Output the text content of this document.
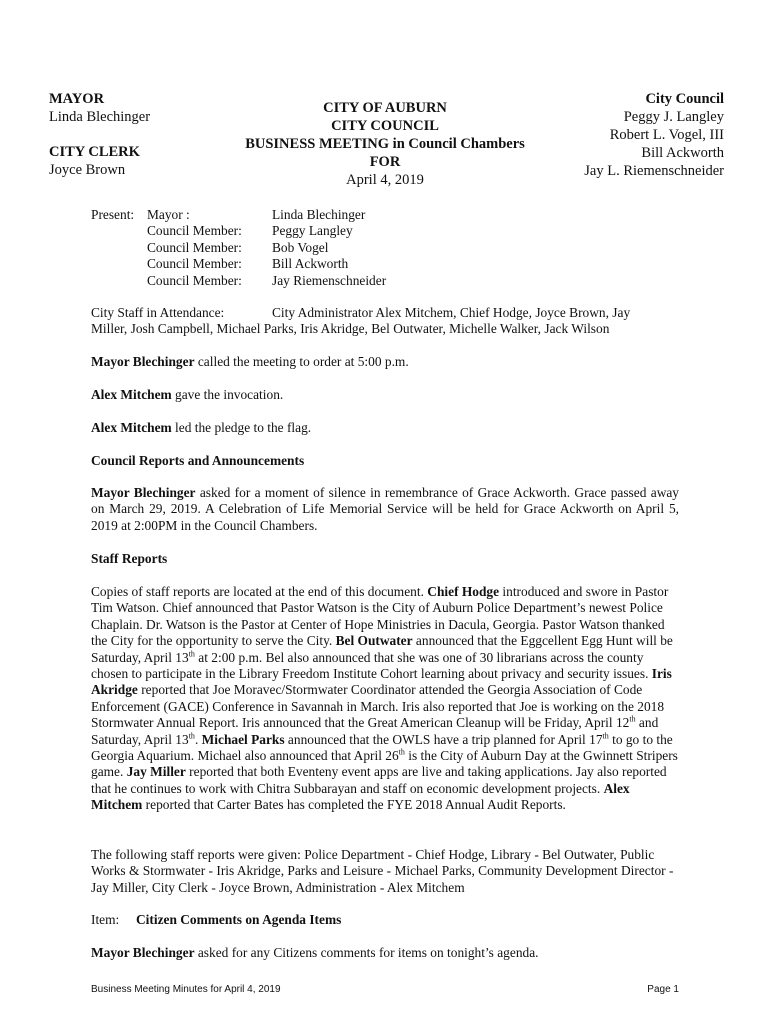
MAYOR
Linda Blechinger
CITY CLERK
Joyce Brown
CITY OF AUBURN
CITY COUNCIL
BUSINESS MEETING in Council Chambers
FOR
April 4, 2019
City Council
Peggy J. Langley
Robert L. Vogel, III
Bill Ackworth
Jay L. Riemenschneider
Present: Mayor :	Linda Blechinger
Council Member:	Peggy Langley
Council Member:	Bob Vogel
Council Member:	Bill Ackworth
Council Member:	Jay Riemenschneider
City Staff in Attendance:	City Administrator Alex Mitchem, Chief Hodge, Joyce Brown, Jay
Miller, Josh Campbell, Michael Parks, Iris Akridge, Bel Outwater, Michelle Walker, Jack Wilson
Mayor Blechinger called the meeting to order at 5:00 p.m.
Alex Mitchem gave the invocation.
Alex Mitchem led the pledge to the flag.
Council Reports and Announcements

Mayor Blechinger asked for a moment of silence in remembrance of Grace Ackworth. Grace passed away on March 29, 2019. A Celebration of Life Memorial Service will be held for Grace Ackworth on April 5, 2019 at 2:00PM in the Council Chambers.

Staff Reports

Copies of staff reports are located at the end of this document. Chief Hodge introduced and swore in Pastor Tim Watson. Chief announced that Pastor Watson is the City of Auburn Police Department’s newest Police Chaplain. Dr. Watson is the Pastor at Center of Hope Ministries in Dacula, Georgia. Pastor Watson thanked the City for the opportunity to serve the City. Bel Outwater announced that the Eggcellent Egg Hunt will be Saturday, April 13th at 2:00 p.m. Bel also announced that she was one of 30 librarians across the county chosen to participate in the Library Freedom Institute Cohort learning about privacy and security issues. Iris Akridge reported that Joe Moravec/Stormwater Coordinator attended the Georgia Association of Code Enforcement (GACE) Conference in Savannah in March. Iris also reported that Joe is working on the 2018 Stormwater Annual Report. Iris announced that the Great American Cleanup will be Friday, April 12th and Saturday, April 13th. Michael Parks announced that the OWLS have a trip planned for April 17th to go to the Georgia Aquarium. Michael also announced that April 26th is the City of Auburn Day at the Gwinnett Stripers game. Jay Miller reported that both Eventeny event apps are live and taking applications. Jay also reported that he continues to work with Chitra Subbarayan and staff on economic development projects. Alex Mitchem reported that Carter Bates has completed the FYE 2018 Annual Audit Reports.

The following staff reports were given: Police Department - Chief Hodge, Library - Bel Outwater, Public Works & Stormwater - Iris Akridge, Parks and Leisure - Michael Parks, Community Development Director - Jay Miller, City Clerk - Joyce Brown, Administration - Alex Mitchem

Item:	Citizen Comments on Agenda Items
Mayor Blechinger asked for any Citizens comments for items on tonight’s agenda.
Business Meeting Minutes for April 4, 2019	Page 1
